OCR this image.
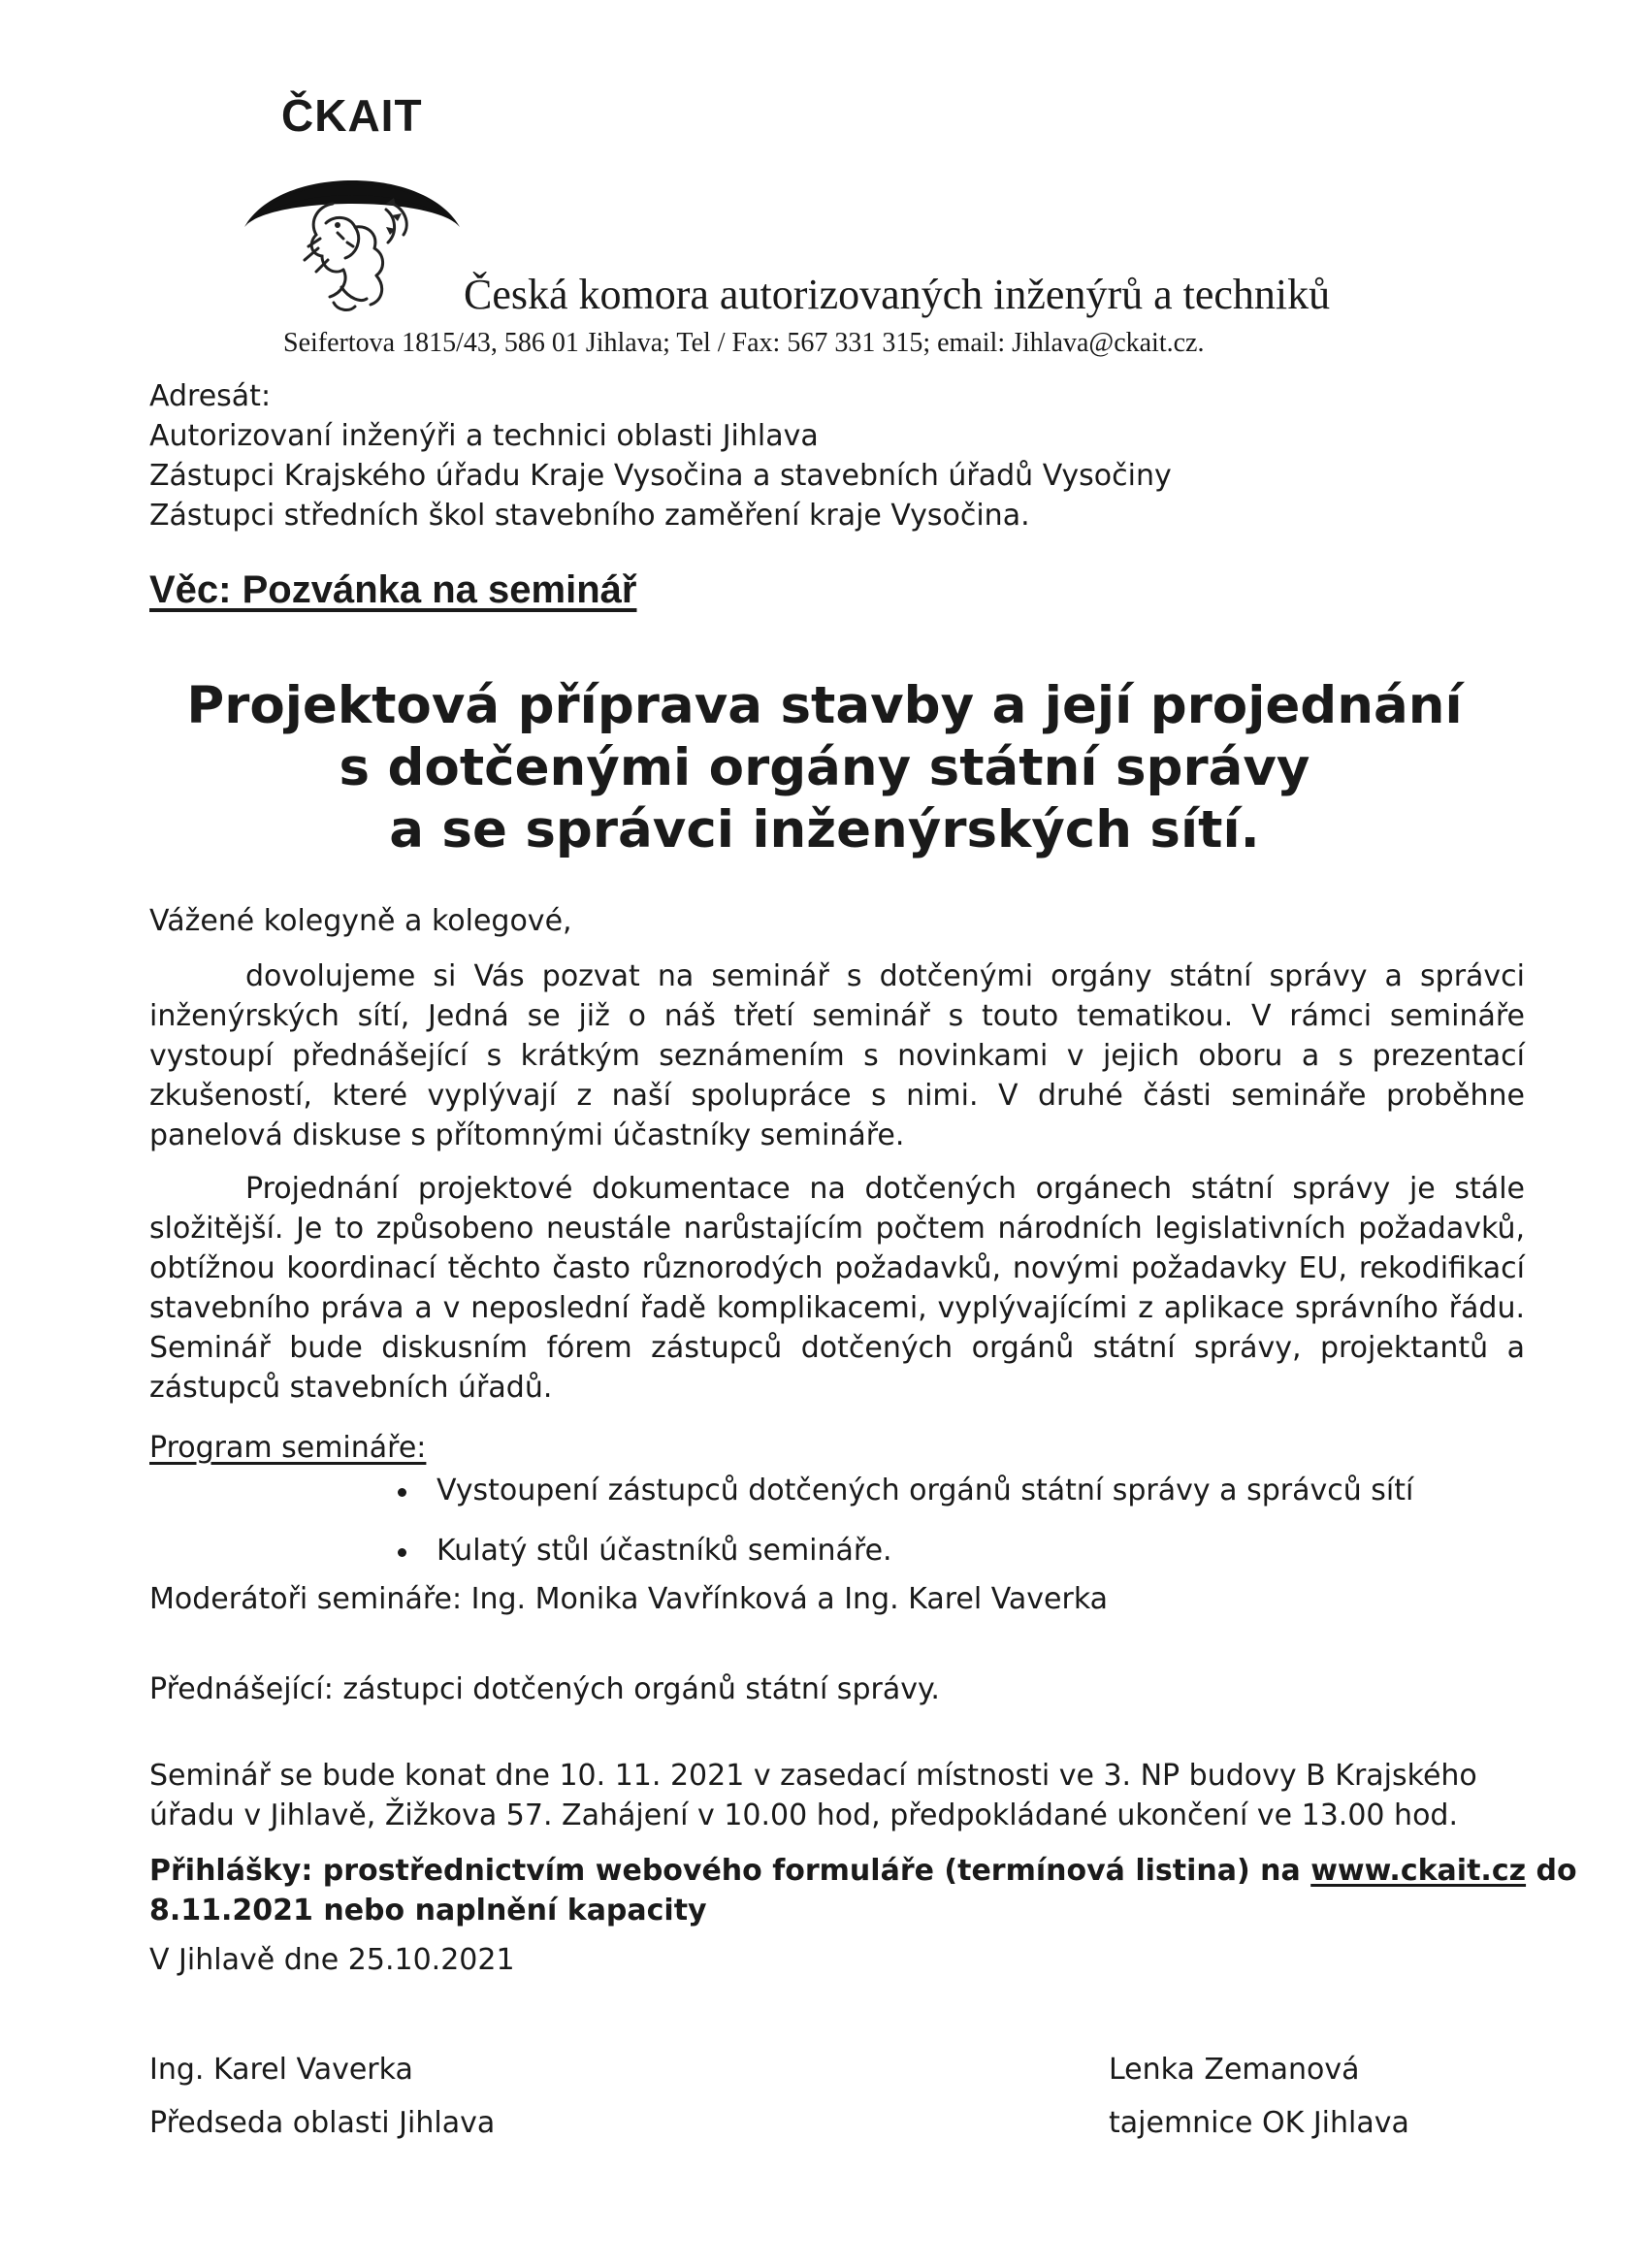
ČKAIT
Česká komora autorizovaných inženýrů a techniků
Seifertova 1815/43, 586 01 Jihlava; Tel / Fax: 567 331 315; email: Jihlava@ckait.cz.
Adresát:
Autorizovaní inženýři a technici oblasti Jihlava
Zástupci Krajského úřadu Kraje Vysočina a stavebních úřadů Vysočiny
Zástupci středních škol stavebního zaměření kraje Vysočina.
Věc: Pozvánka na seminář
Projektová příprava stavby a její projednání
s dotčenými orgány státní správy
a se správci inženýrských sítí.
Vážené kolegyně a kolegové,
dovolujeme si Vás pozvat na seminář s dotčenými orgány státní správy a správci inženýrských sítí, Jedná se již o náš třetí seminář s touto tematikou. V rámci semináře vystoupí přednášející s krátkým seznámením s novinkami v jejich oboru a s prezentací zkušeností, které vyplývají z naší spolupráce s nimi. V druhé části semináře proběhne panelová diskuse s přítomnými účastníky semináře.
Projednání projektové dokumentace na dotčených orgánech státní správy je stále složitější. Je to způsobeno neustále narůstajícím počtem národních legislativních požadavků, obtížnou koordinací těchto často různorodých požadavků, novými požadavky EU, rekodifikací stavebního práva a v neposlední řadě komplikacemi, vyplývajícími z aplikace správního řádu. Seminář bude diskusním fórem zástupců dotčených orgánů státní správy, projektantů a zástupců stavebních úřadů.
Program semináře:
Vystoupení zástupců dotčených orgánů státní správy a správců sítí
Kulatý stůl účastníků semináře.
Moderátoři semináře: Ing. Monika Vavřínková a Ing. Karel Vaverka
Přednášející: zástupci dotčených orgánů státní správy.
Seminář se bude konat dne 10. 11. 2021 v zasedací místnosti ve 3. NP budovy B Krajského
úřadu v Jihlavě, Žižkova 57. Zahájení v 10.00 hod, předpokládané ukončení ve 13.00 hod.
Přihlášky: prostřednictvím webového formuláře (termínová listina) na www.ckait.cz do
8.11.2021 nebo naplnění kapacity
V Jihlavě dne 25.10.2021
Ing. Karel Vaverka
Předseda oblasti Jihlava
Lenka Zemanová
tajemnice OK Jihlava
